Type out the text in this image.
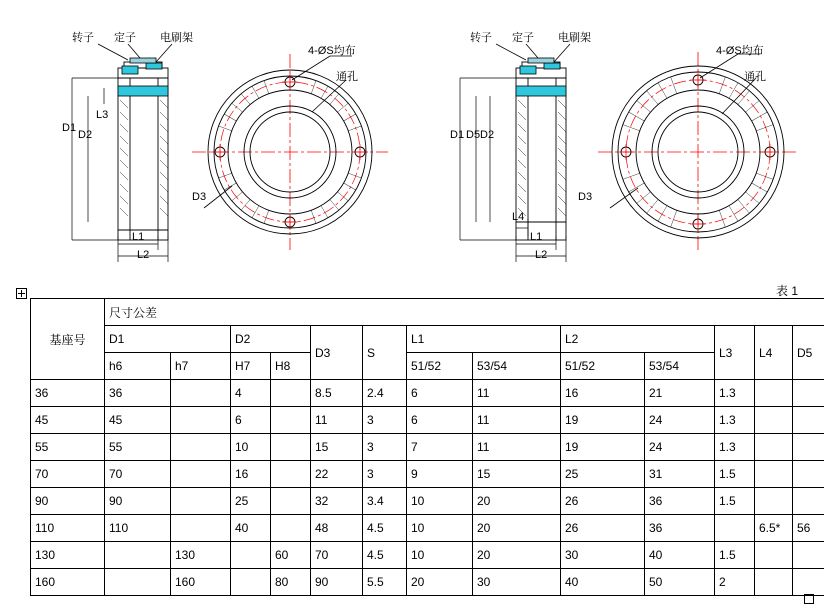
转子 定子 电刷架
4-ØS均布
通孔
D1
D2
L3
L1
L2
D3
转子 定子 电刷架
4-ØS均布
通孔
D1 D5 D2
L4
L1
L2
D3
表 1
基座号	尺寸公差												
	D1		D2		D3	S	L1		L2		L3	L4	D5
	h6	h7	H7	H8			51/52	53/54	51/52	53/54			
36	36		4		8.5	2.4	6	11	16	21	1.3		
45	45		6		11	3	6	11	19	24	1.3		
55	55		10		15	3	7	11	19	24	1.3		
70	70		16		22	3	9	15	25	31	1.5		
90	90		25		32	3.4	10	20	26	36	1.5		
110	110		40		48	4.5	10	20	26	36		6.5*	56
130		130		60	70	4.5	10	20	30	40	1.5		
160		160		80	90	5.5	20	30	40	50	2		
